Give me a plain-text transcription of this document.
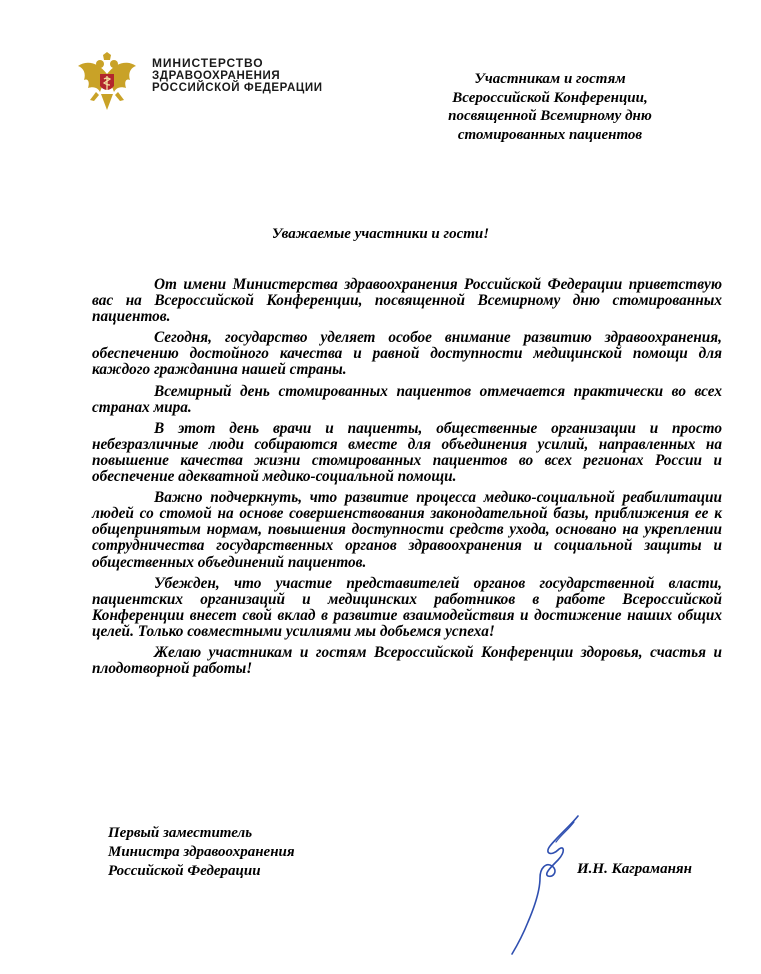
МИНИСТЕРСТВО
ЗДРАВООХРАНЕНИЯ
РОССИЙСКОЙ ФЕДЕРАЦИИ
Участникам и гостям
Всероссийской Конференции,
посвященной Всемирному дню
стомированных пациентов
Уважаемые участники и гости!

От имени Министерства здравоохранения Российской Федерации приветствую вас на Всероссийской Конференции, посвященной Всемирному дню стомированных пациентов.

Сегодня, государство уделяет особое внимание развитию здравоохранения, обеспечению достойного качества и равной доступности медицинской помощи для каждого гражданина нашей страны.

Всемирный день стомированных пациентов отмечается практически во всех странах мира.

В этот день врачи и пациенты, общественные организации и просто небезразличные люди собираются вместе для объединения усилий, направленных на повышение качества жизни стомированных пациентов во всех регионах России и обеспечение адекватной медико-социальной помощи.

Важно подчеркнуть, что развитие процесса медико-социальной реабилитации людей со стомой на основе совершенствования законодательной базы, приближения ее к общепринятым нормам, повышения доступности средств ухода, основано на укреплении сотрудничества государственных органов здравоохранения и социальной защиты и общественных объединений пациентов.

Убежден, что участие представителей органов государственной власти, пациентских организаций и медицинских работников в работе Всероссийской Конференции внесет свой вклад в развитие взаимодействия и достижение наших общих целей. Только совместными усилиями мы добьемся успеха!

Желаю участникам и гостям Всероссийской Конференции здоровья, счастья и плодотворной работы!

Первый заместитель
Министра здравоохранения
Российской Федерации	И.Н. Каграманян
